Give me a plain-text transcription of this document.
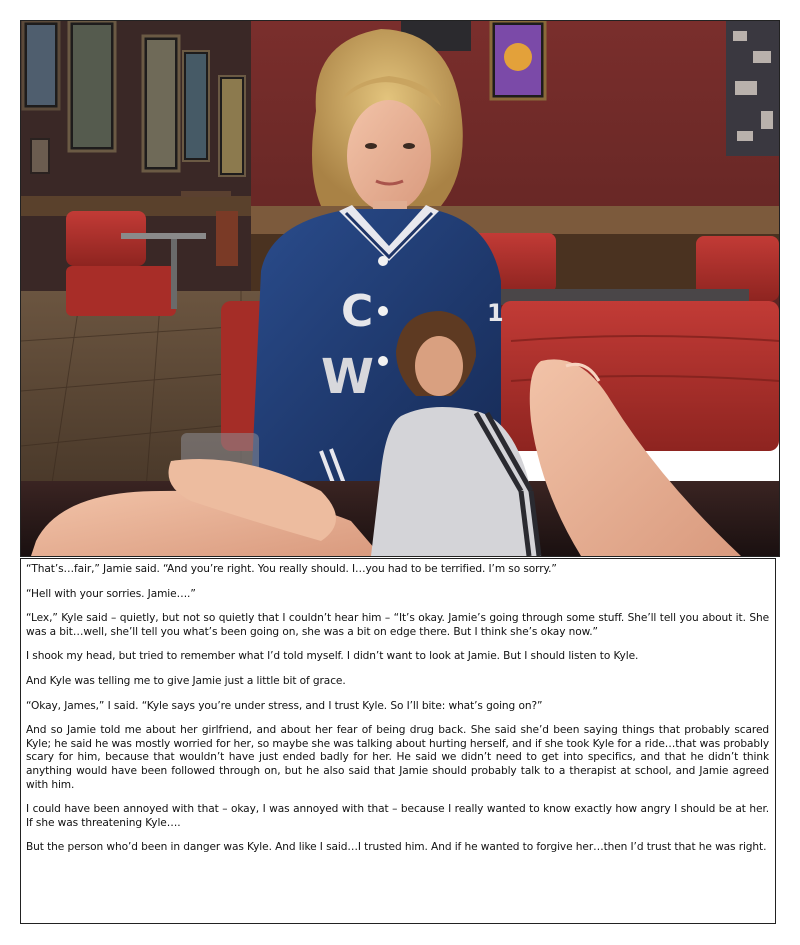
C
W
1

“That’s…fair,” Jamie said. “And you’re right. You really should. I…you had to be terrified. I’m so sorry.”

“Hell with your sorries. Jamie….”

“Lex,” Kyle said – quietly, but not so quietly that I couldn’t hear him – “It’s okay. Jamie’s going through some stuff. She’ll tell you about it. She was a bit…well, she’ll tell you what’s been going on, she was a bit on edge there. But I think she’s okay now.”

I shook my head, but tried to remember what I’d told myself. I didn’t want to look at Jamie. But I should listen to Kyle.

And Kyle was telling me to give Jamie just a little bit of grace.

“Okay, James,” I said. “Kyle says you’re under stress, and I trust Kyle. So I’ll bite: what’s going on?”

And so Jamie told me about her girlfriend, and about her fear of being drug back. She said she’d been saying things that probably scared Kyle; he said he was mostly worried for her, so maybe she was talking about hurting herself, and if she took Kyle for a ride…that was probably scary for him, because that wouldn’t have just ended badly for her. He said we didn’t need to get into specifics, and that he didn’t think anything would have been followed through on, but he also said that Jamie should probably talk to a therapist at school, and Jamie agreed with him.

I could have been annoyed with that – okay, I was annoyed with that – because I really wanted to know exactly how angry I should be at her. If she was threatening Kyle….

But the person who’d been in danger was Kyle. And like I said…I trusted him. And if he wanted to forgive her…then I’d trust that he was right.
